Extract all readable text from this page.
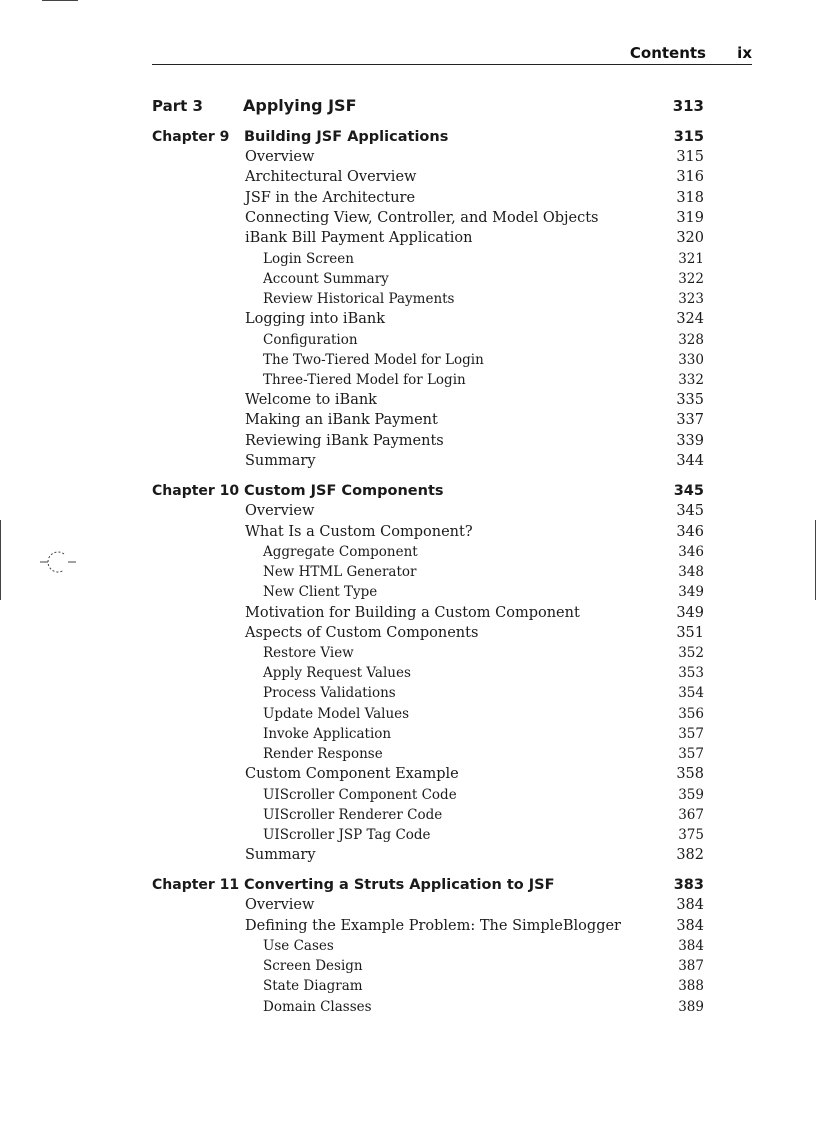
Contents ix
Part 3	Applying JSF	313
Chapter 9 Building JSF Applications	315
Overview	315
Architectural Overview	316
JSF in the Architecture	318
Connecting View, Controller, and Model Objects	319
iBank Bill Payment Application	320
Login Screen	321
Account Summary	322
Review Historical Payments	323
Logging into iBank	324
Configuration	328
The Two-Tiered Model for Login	330
Three-Tiered Model for Login	332
Welcome to iBank	335
Making an iBank Payment	337
Reviewing iBank Payments	339
Summary	344
Chapter 10 Custom JSF Components	345
Overview	345
What Is a Custom Component?	346
Aggregate Component	346
New HTML Generator	348
New Client Type	349
Motivation for Building a Custom Component	349
Aspects of Custom Components	351
Restore View	352
Apply Request Values	353
Process Validations	354
Update Model Values	356
Invoke Application	357
Render Response	357
Custom Component Example	358
UIScroller Component Code	359
UIScroller Renderer Code	367
UIScroller JSP Tag Code	375
Summary	382
Chapter 11 Converting a Struts Application to JSF	383
Overview	384
Defining the Example Problem: The SimpleBlogger	384
Use Cases	384
Screen Design	387
State Diagram	388
Domain Classes	389
